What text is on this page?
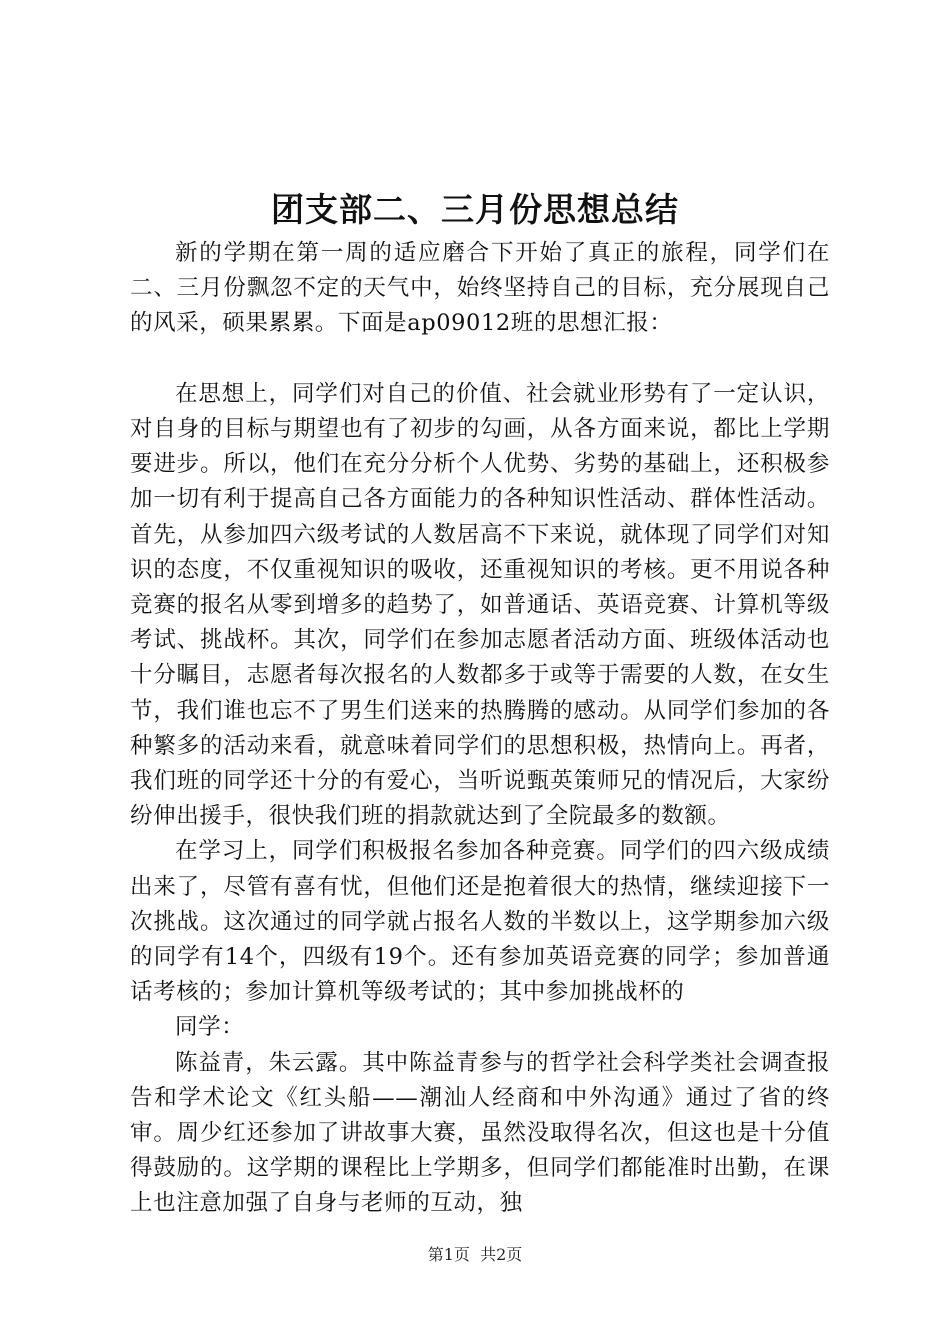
团支部二、三月份思想总结

新的学期在第一周的适应磨合下开始了真正的旅程，同学们在二、三月份飘忽不定的天气中，始终坚持自己的目标，充分展现自己的风采，硕果累累。下面是ap09012班的思想汇报：

在思想上，同学们对自己的价值、社会就业形势有了一定认识，对自身的目标与期望也有了初步的勾画，从各方面来说，都比上学期要进步。所以，他们在充分分析个人优势、劣势的基础上，还积极参加一切有利于提高自己各方面能力的各种知识性活动、群体性活动。首先，从参加四六级考试的人数居高不下来说，就体现了同学们对知识的态度，不仅重视知识的吸收，还重视知识的考核。更不用说各种竞赛的报名从零到增多的趋势了，如普通话、英语竞赛、计算机等级考试、挑战杯。其次，同学们在参加志愿者活动方面、班级体活动也十分瞩目，志愿者每次报名的人数都多于或等于需要的人数，在女生节，我们谁也忘不了男生们送来的热腾腾的感动。从同学们参加的各种繁多的活动来看，就意味着同学们的思想积极，热情向上。再者，我们班的同学还十分的有爱心，当听说甄英策师兄的情况后，大家纷纷伸出援手，很快我们班的捐款就达到了全院最多的数额。

在学习上，同学们积极报名参加各种竞赛。同学们的四六级成绩出来了，尽管有喜有忧，但他们还是抱着很大的热情，继续迎接下一次挑战。这次通过的同学就占报名人数的半数以上，这学期参加六级的同学有14个，四级有19个。还有参加英语竞赛的同学；参加普通话考核的；参加计算机等级考试的；其中参加挑战杯的

同学：

陈益青，朱云露。其中陈益青参与的哲学社会科学类社会调查报告和学术论文《红头船——潮汕人经商和中外沟通》通过了省的终审。周少红还参加了讲故事大赛，虽然没取得名次，但这也是十分值得鼓励的。这学期的课程比上学期多，但同学们都能准时出勤，在课上也注意加强了自身与老师的互动，独

第1页 共2页
